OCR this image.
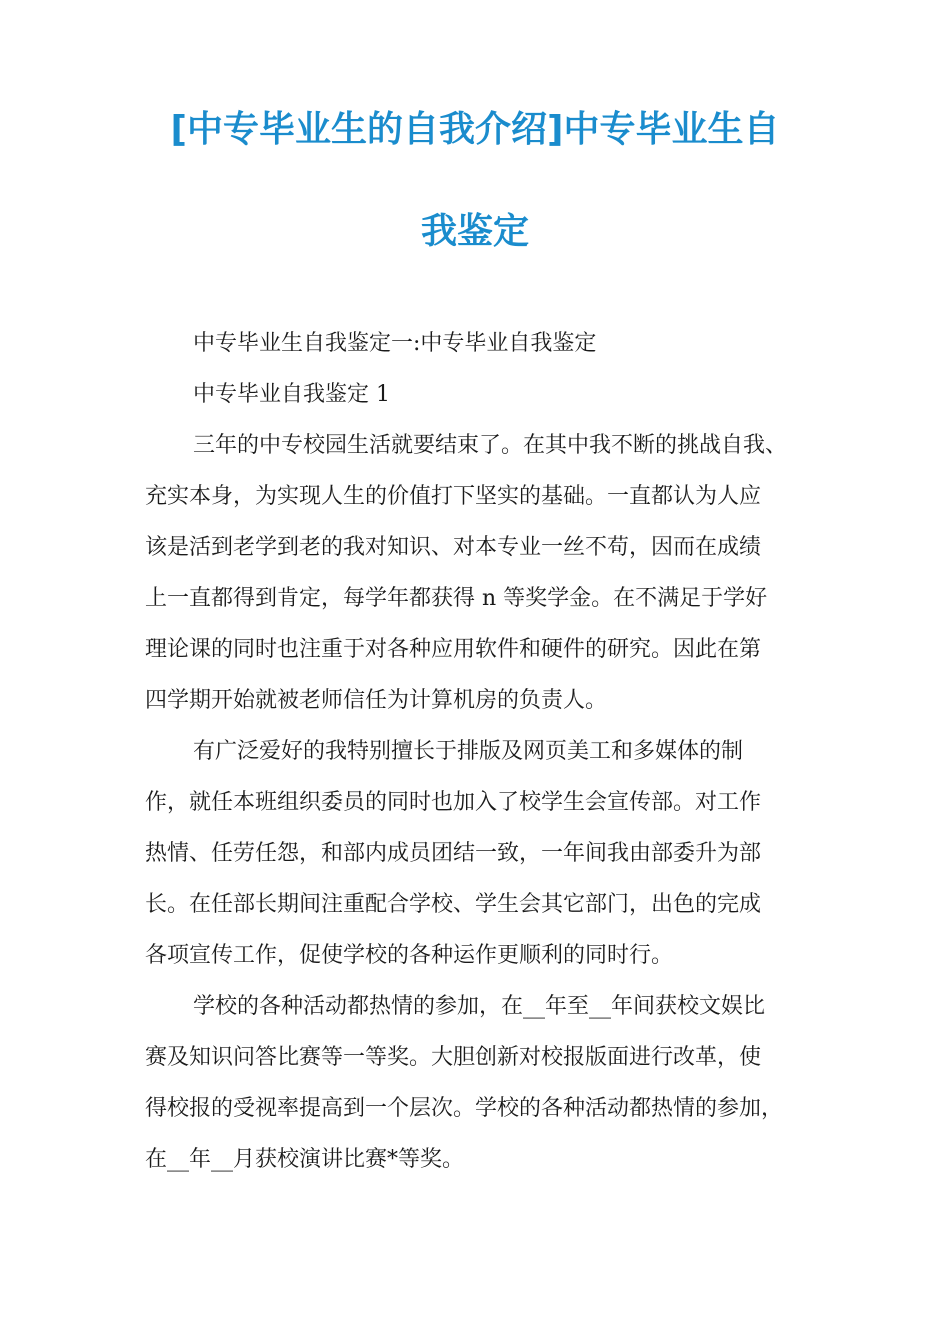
[中专毕业生的自我介绍]中专毕业生自
我鉴定
中专毕业生自我鉴定一:中专毕业自我鉴定
中专毕业自我鉴定 1
三年的中专校园生活就要结束了。在其中我不断的挑战自我、
充实本身，为实现人生的价值打下坚实的基础。一直都认为人应
该是活到老学到老的我对知识、对本专业一丝不苟，因而在成绩
上一直都得到肯定，每学年都获得 n 等奖学金。在不满足于学好
理论课的同时也注重于对各种应用软件和硬件的研究。因此在第
四学期开始就被老师信任为计算机房的负责人。
有广泛爱好的我特别擅长于排版及网页美工和多媒体的制
作，就任本班组织委员的同时也加入了校学生会宣传部。对工作
热情、任劳任怨，和部内成员团结一致，一年间我由部委升为部
长。在任部长期间注重配合学校、学生会其它部门，出色的完成
各项宣传工作，促使学校的各种运作更顺利的同时行。
学校的各种活动都热情的参加，在__年至__年间获校文娱比
赛及知识问答比赛等一等奖。大胆创新对校报版面进行改革，使
得校报的受视率提高到一个层次。学校的各种活动都热情的参加，
在__年__月获校演讲比赛*等奖。
